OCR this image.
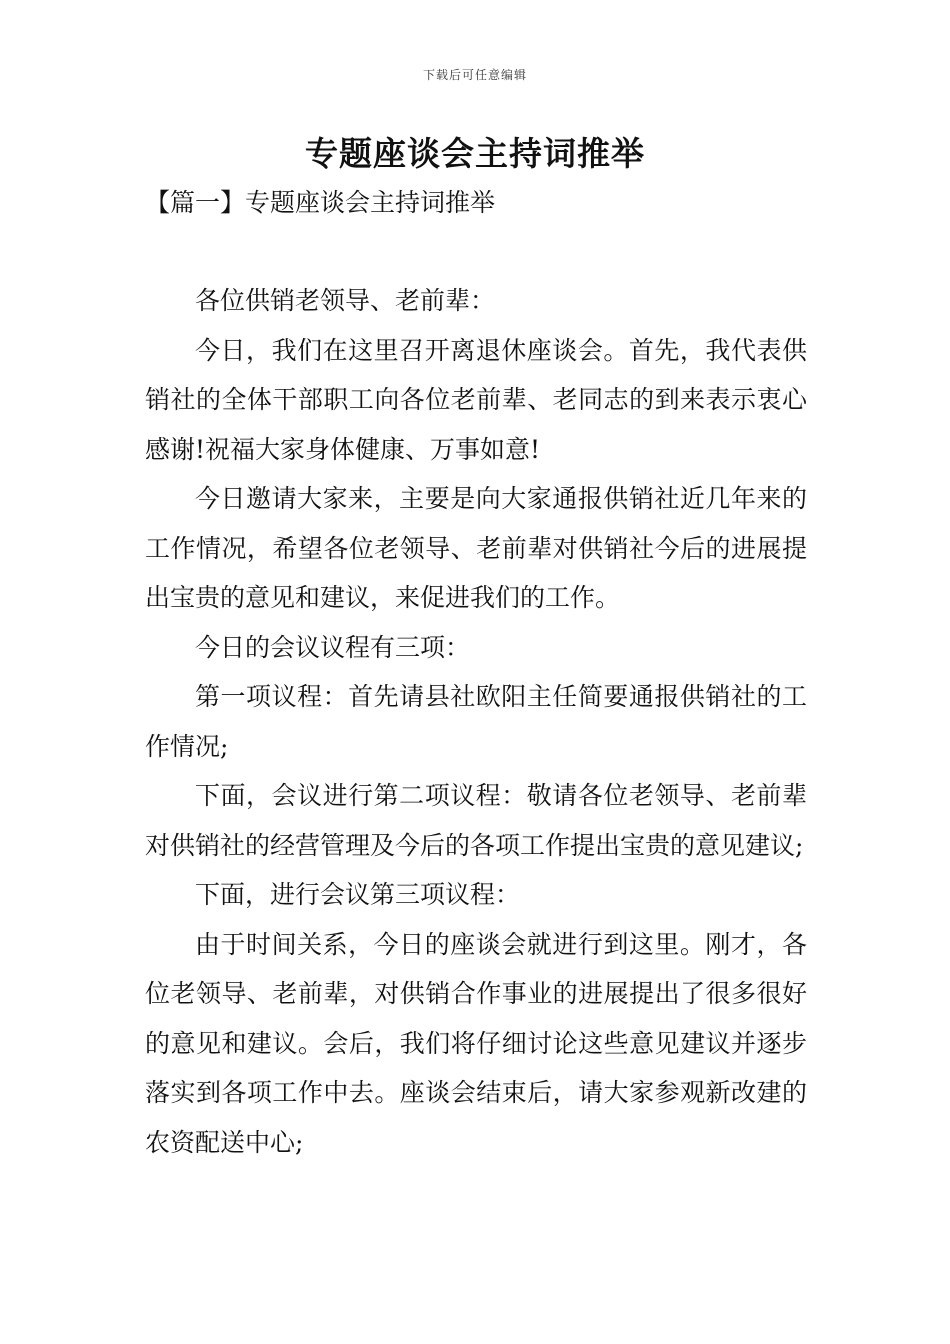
下载后可任意编辑
专题座谈会主持词推举
【篇一】专题座谈会主持词推举

各位供销老领导、老前辈：

今日，我们在这里召开离退休座谈会。首先，我代表供销社的全体干部职工向各位老前辈、老同志的到来表示衷心感谢!祝福大家身体健康、万事如意!

今日邀请大家来，主要是向大家通报供销社近几年来的工作情况，希望各位老领导、老前辈对供销社今后的进展提出宝贵的意见和建议，来促进我们的工作。

今日的会议议程有三项：

第一项议程：首先请县社欧阳主任简要通报供销社的工作情况;

下面，会议进行第二项议程：敬请各位老领导、老前辈对供销社的经营管理及今后的各项工作提出宝贵的意见建议;

下面，进行会议第三项议程：

由于时间关系，今日的座谈会就进行到这里。刚才，各位老领导、老前辈，对供销合作事业的进展提出了很多很好的意见和建议。会后，我们将仔细讨论这些意见建议并逐步落实到各项工作中去。座谈会结束后，请大家参观新改建的农资配送中心;
